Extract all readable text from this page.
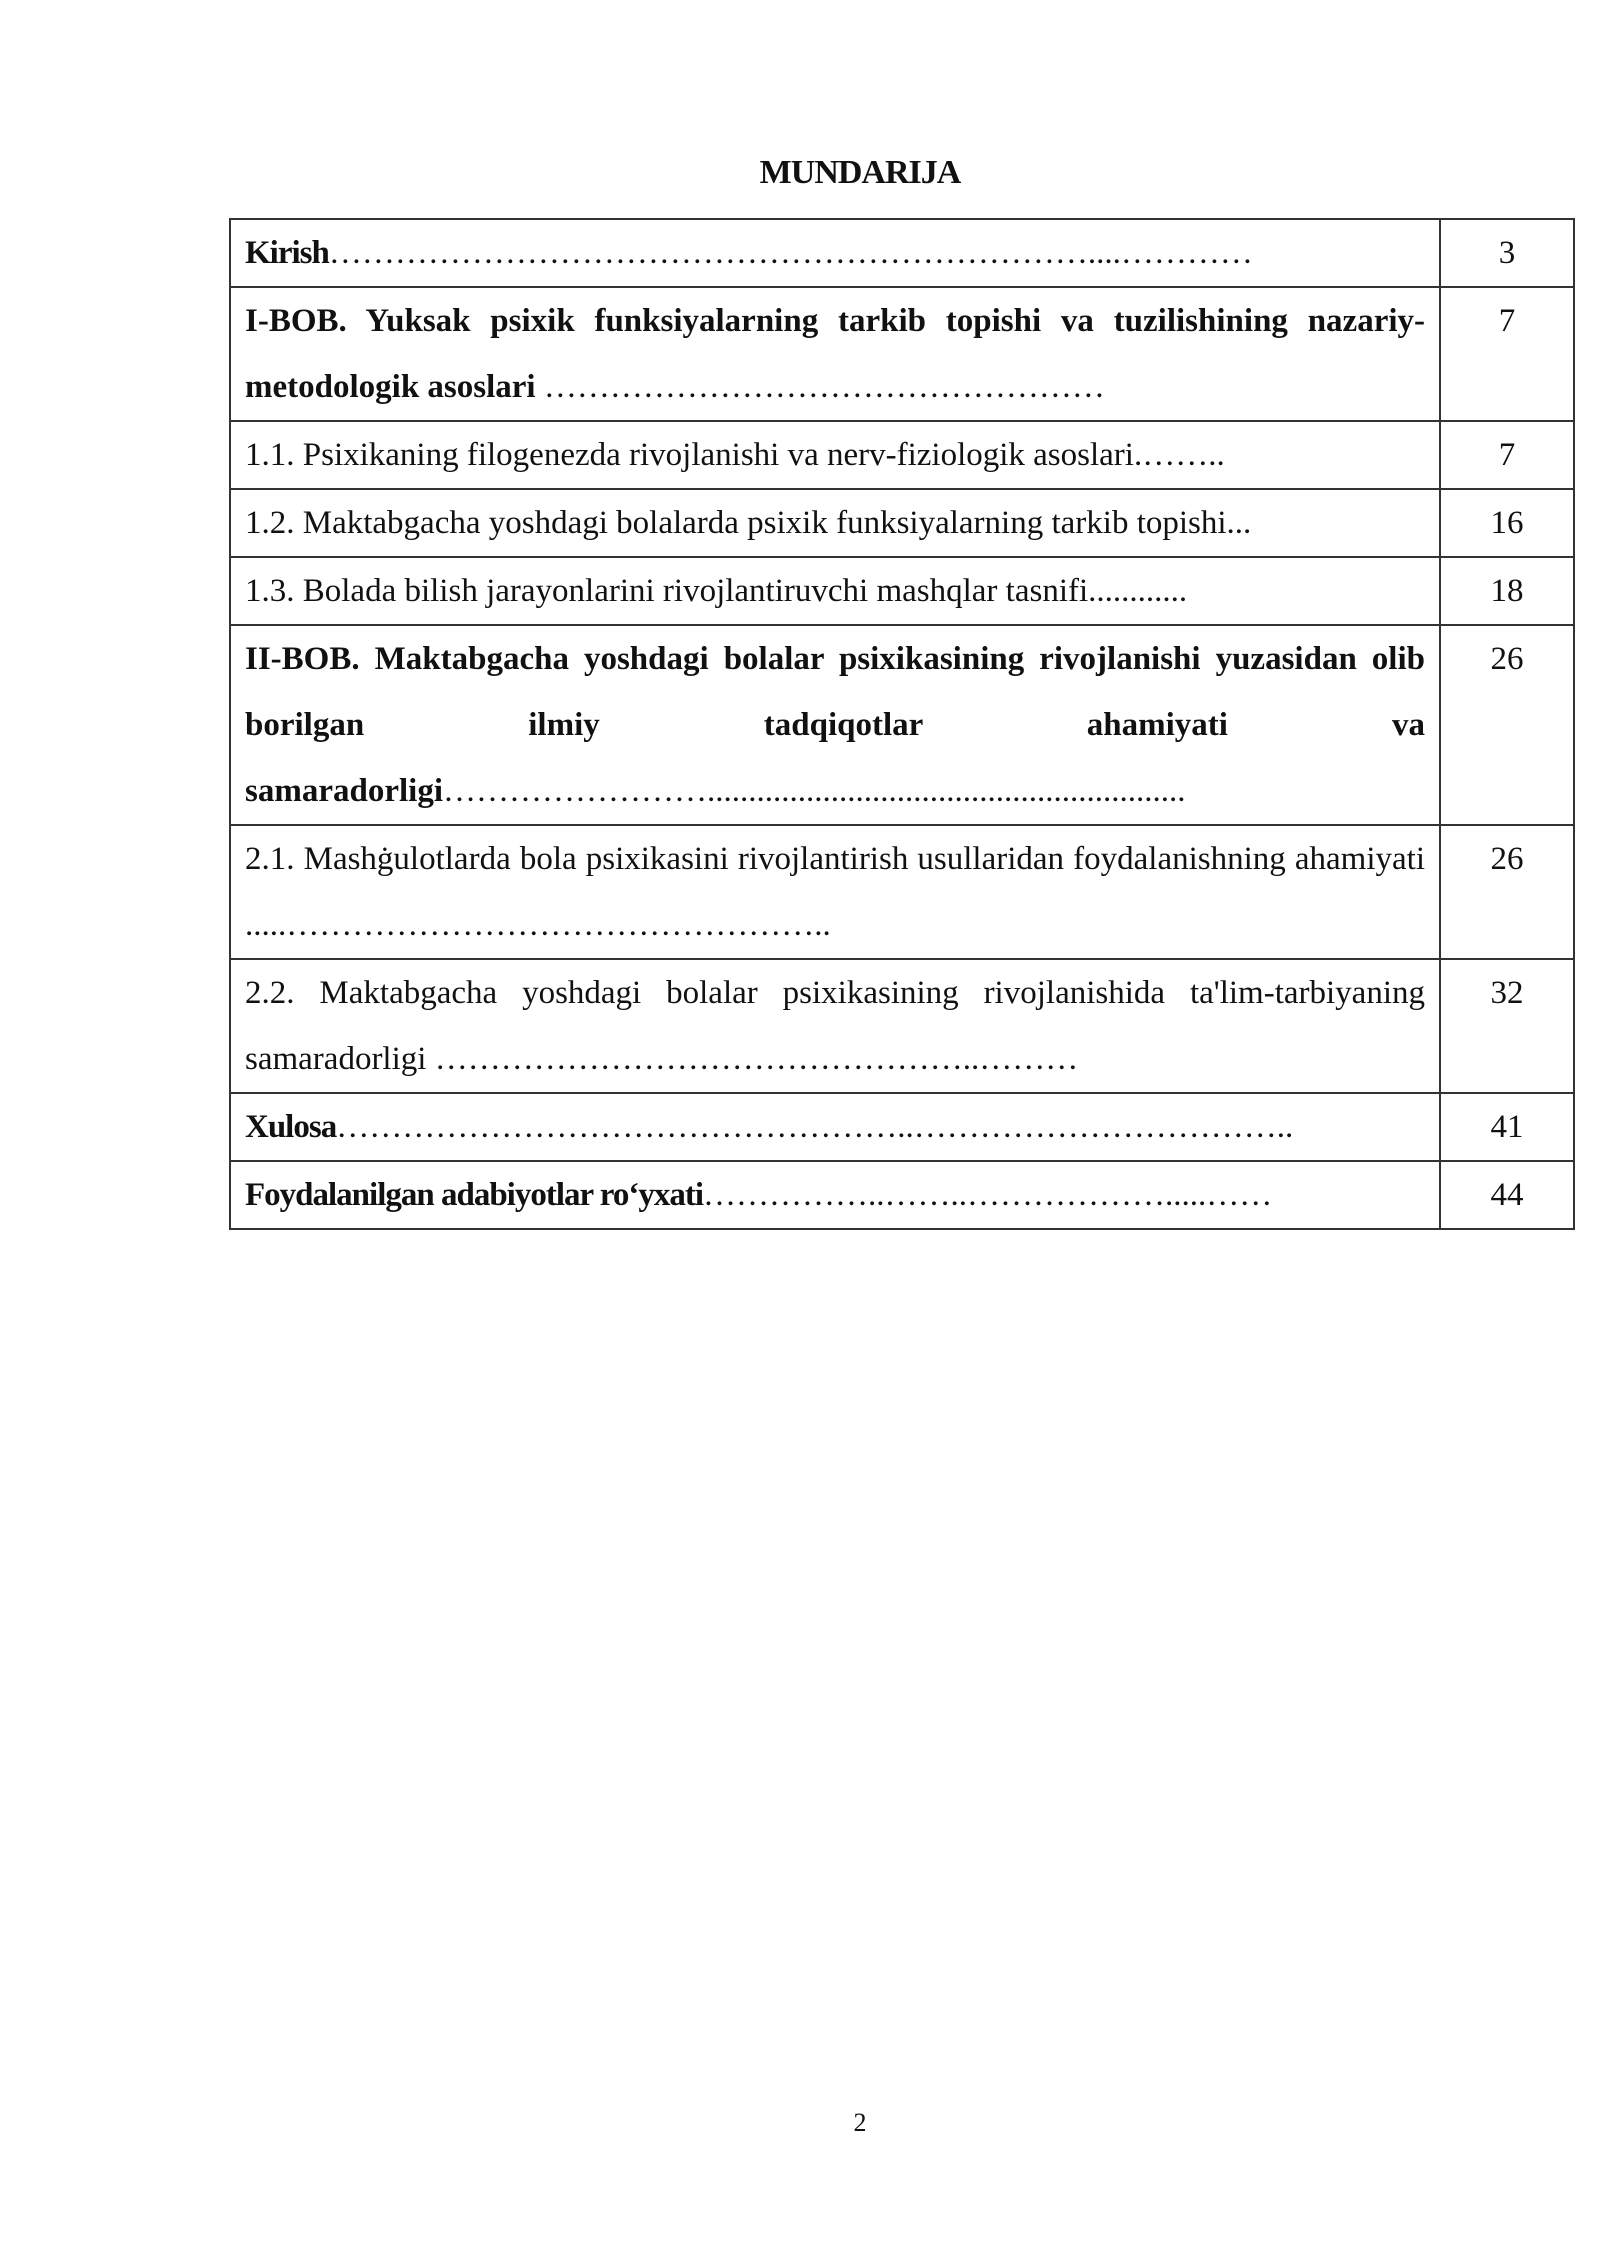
MUNDARIJA
Kirish……………………………………………………………....…………	3
I-BOB. Yuksak psixik funksiyalarning tarkib topishi va tuzilishining nazariy-metodologik asoslari ……………………………………………	7
1.1. Psixikaning filogenezda rivojlanishi va nerv-fiziologik asoslari.……..	7
1.2. Maktabgacha yoshdagi bolalarda psixik funksiyalarning tarkib topishi...	16
1.3. Bolada bilish jarayonlarini rivojlantiruvchi mashqlar tasnifi............	18
II-BOB. Maktabgacha yoshdagi bolalar psixikasining rivojlanishi yuzasidan olib borilgan ilmiy tadqiqotlar ahamiyati va samaradorligi……………………..........................................................	26
2.1. Mashġulotlarda bola psixikasini rivojlantirish usullaridan foydalanishning ahamiyati .....…………………………………………..	26
2.2. Maktabgacha yoshdagi bolalar psixikasining rivojlanishida ta'lim-tarbiyaning samaradorligi …………………………………………..………	32
Xulosa……………………………………………..……………………………..	41
Foydalanilgan adabiyotlar ro‘yxati……………..……..……………….....……	44
2
